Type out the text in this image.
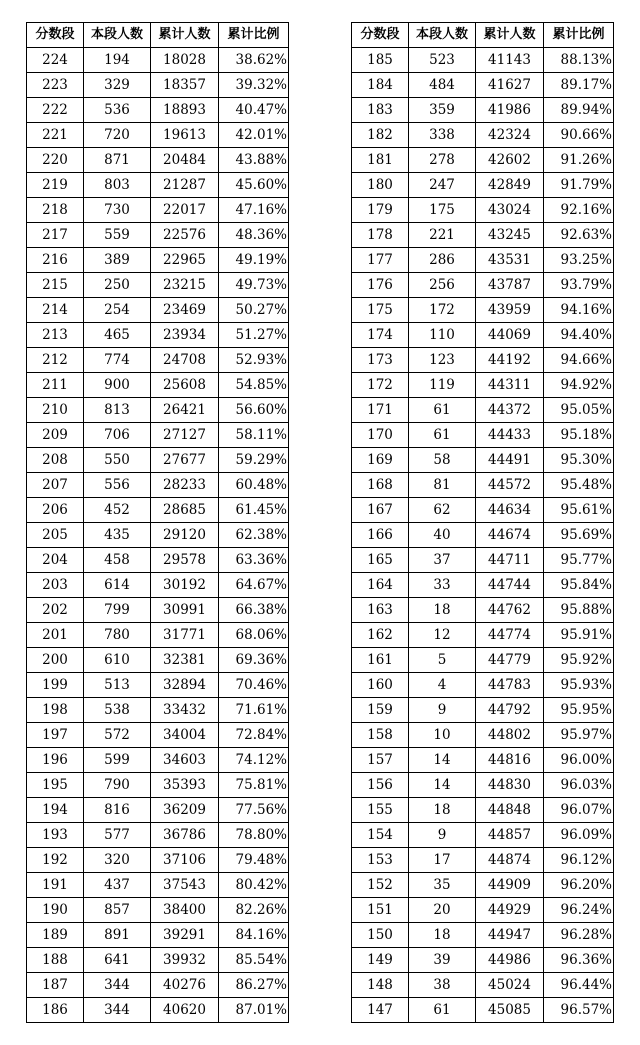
分数段	本段人数	累计人数	累计比例
224	194	18028	38.62%
223	329	18357	39.32%
222	536	18893	40.47%
221	720	19613	42.01%
220	871	20484	43.88%
219	803	21287	45.60%
218	730	22017	47.16%
217	559	22576	48.36%
216	389	22965	49.19%
215	250	23215	49.73%
214	254	23469	50.27%
213	465	23934	51.27%
212	774	24708	52.93%
211	900	25608	54.85%
210	813	26421	56.60%
209	706	27127	58.11%
208	550	27677	59.29%
207	556	28233	60.48%
206	452	28685	61.45%
205	435	29120	62.38%
204	458	29578	63.36%
203	614	30192	64.67%
202	799	30991	66.38%
201	780	31771	68.06%
200	610	32381	69.36%
199	513	32894	70.46%
198	538	33432	71.61%
197	572	34004	72.84%
196	599	34603	74.12%
195	790	35393	75.81%
194	816	36209	77.56%
193	577	36786	78.80%
192	320	37106	79.48%
191	437	37543	80.42%
190	857	38400	82.26%
189	891	39291	84.16%
188	641	39932	85.54%
187	344	40276	86.27%
186	344	40620	87.01%
分数段	本段人数	累计人数	累计比例
185	523	41143	88.13%
184	484	41627	89.17%
183	359	41986	89.94%
182	338	42324	90.66%
181	278	42602	91.26%
180	247	42849	91.79%
179	175	43024	92.16%
178	221	43245	92.63%
177	286	43531	93.25%
176	256	43787	93.79%
175	172	43959	94.16%
174	110	44069	94.40%
173	123	44192	94.66%
172	119	44311	94.92%
171	61	44372	95.05%
170	61	44433	95.18%
169	58	44491	95.30%
168	81	44572	95.48%
167	62	44634	95.61%
166	40	44674	95.69%
165	37	44711	95.77%
164	33	44744	95.84%
163	18	44762	95.88%
162	12	44774	95.91%
161	5	44779	95.92%
160	4	44783	95.93%
159	9	44792	95.95%
158	10	44802	95.97%
157	14	44816	96.00%
156	14	44830	96.03%
155	18	44848	96.07%
154	9	44857	96.09%
153	17	44874	96.12%
152	35	44909	96.20%
151	20	44929	96.24%
150	18	44947	96.28%
149	39	44986	96.36%
148	38	45024	96.44%
147	61	45085	96.57%
